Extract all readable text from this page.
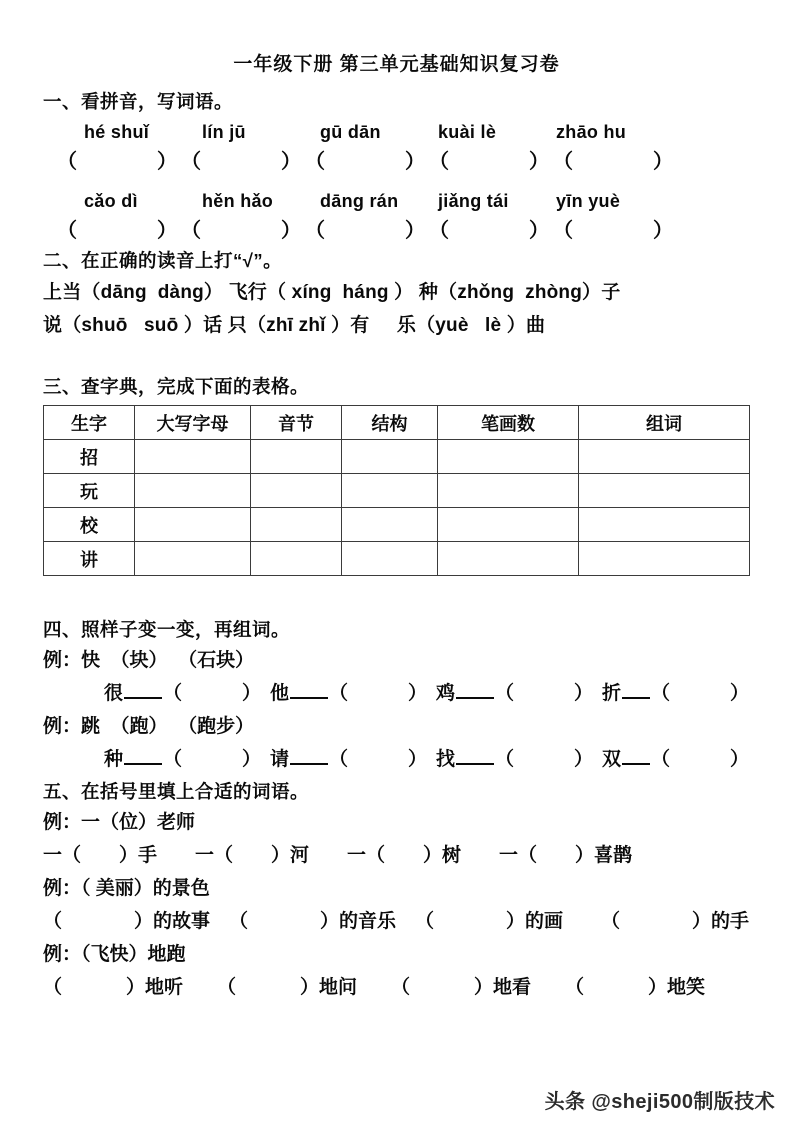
一年级下册 第三单元基础知识复习卷
一、看拼音，写词语。
hé shuǐ	lín jū	gū dān	kuài lè	zhāo hu
（	） （	） （	） （	） （	）
cǎo dì	hěn hǎo	dāng rán	jiǎng tái	yīn yuè
（	） （	） （	） （	） （	）
二、在正确的读音上打“√”。
上当（dāng  dàng） 飞行（ xíng  háng ） 种（zhǒng  zhòng）子
说（shuō   suō ）话 只（zhī zhǐ ）有     乐（yuè   lè ）曲
三、查字典，完成下面的表格。
生字	大写字母	音节	结构	笔画数	组词
招					
玩					
校					
讲					
四、照样子变一变，再组词。
例：快  （块）  （石块）
很 （	） 他 （	） 鸡 （	） 折 （	）
例：跳  （跑）  （跑步）
种 （	） 请 （	） 找 （	） 双 （	）
五、在括号里填上合适的词语。
例：一（位）老师
一（ ）手 一（ ）河 一（ ）树 一（ ）喜鹊
例：（ 美丽）的景色
（	）的故事 （	）的音乐 （	）的画 （	）的手
例：（飞快）地跑
（	）地听 （	）地问 （	）地看 （	）地笑
头条 @sheji500制版技术
